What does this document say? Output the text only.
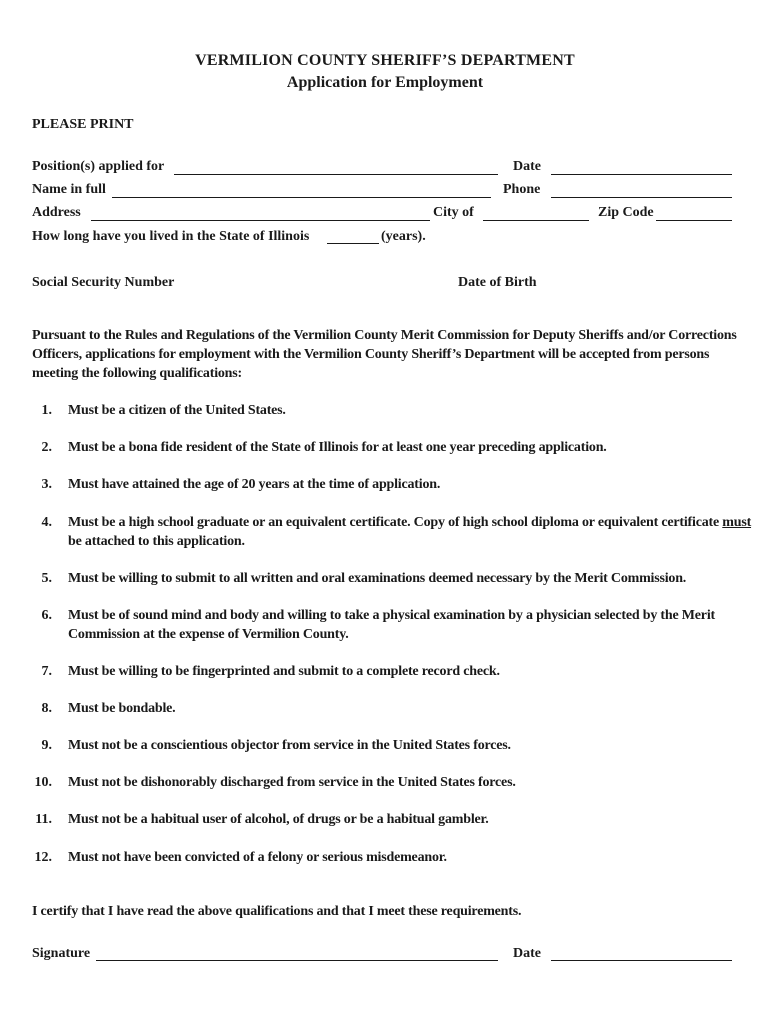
VERMILION COUNTY SHERIFF’S DEPARTMENT
Application for Employment
PLEASE PRINT
Position(s) applied for	Date
Name in full	Phone
Address	City of	Zip Code
How long have you lived in the State of Illinois	(years).
Social Security Number	Date of Birth
Pursuant to the Rules and Regulations of the Vermilion County Merit Commission for Deputy Sheriffs and/or Corrections Officers, applications for employment with the Vermilion County Sheriff’s Department will be accepted from persons meeting the following qualifications:
1. Must be a citizen of the United States.
2. Must be a bona fide resident of the State of Illinois for at least one year preceding application.
3. Must have attained the age of 20 years at the time of application.
4. Must be a high school graduate or an equivalent certificate. Copy of high school diploma or equivalent certificate must be attached to this application.
5. Must be willing to submit to all written and oral examinations deemed necessary by the Merit Commission.
6. Must be of sound mind and body and willing to take a physical examination by a physician selected by the Merit Commission at the expense of Vermilion County.
7. Must be willing to be fingerprinted and submit to a complete record check.
8. Must be bondable.
9. Must not be a conscientious objector from service in the United States forces.
10. Must not be dishonorably discharged from service in the United States forces.
11. Must not be a habitual user of alcohol, of drugs or be a habitual gambler.
12. Must not have been convicted of a felony or serious misdemeanor.
I certify that I have read the above qualifications and that I meet these requirements.
Signature	Date
